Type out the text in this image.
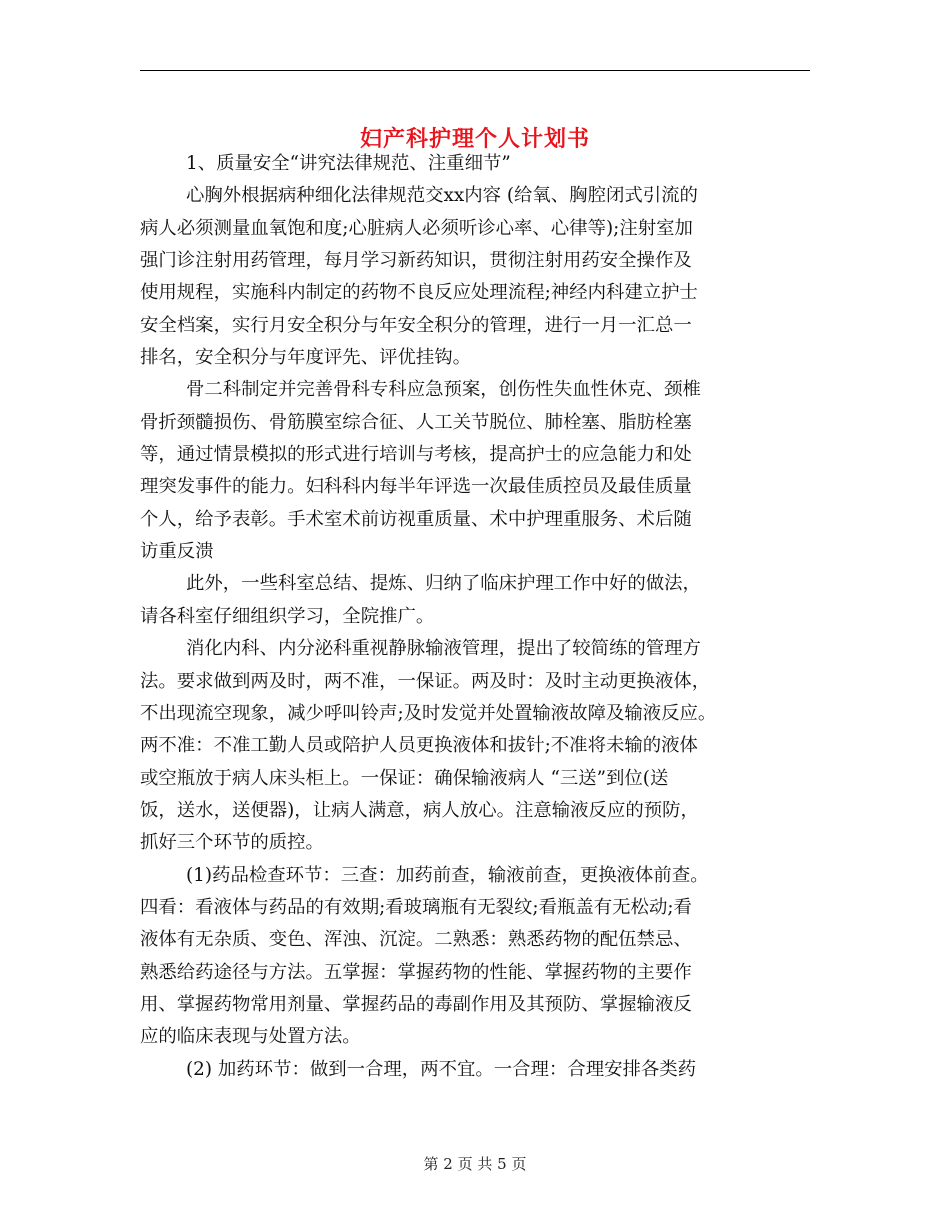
妇产科护理个人计划书

1、质量安全“讲究法律规范、注重细节”

心胸外根据病种细化法律规范交xx内容 (给氧、胸腔闭式引流的

病人必须测量血氧饱和度;心脏病人必须听诊心率、心律等);注射室加

强门诊注射用药管理，每月学习新药知识，贯彻注射用药安全操作及

使用规程，实施科内制定的药物不良反应处理流程;神经内科建立护士

安全档案，实行月安全积分与年安全积分的管理，进行一月一汇总一

排名，安全积分与年度评先、评优挂钩。

骨二科制定并完善骨科专科应急预案，创伤性失血性休克、颈椎

骨折颈髓损伤、骨筋膜室综合征、人工关节脱位、肺栓塞、脂肪栓塞

等，通过情景模拟的形式进行培训与考核，提高护士的应急能力和处

理突发事件的能力。妇科科内每半年评选一次最佳质控员及最佳质量

个人，给予表彰。手术室术前访视重质量、术中护理重服务、术后随

访重反溃

此外，一些科室总结、提炼、归纳了临床护理工作中好的做法，

请各科室仔细组织学习，全院推广。

消化内科、内分泌科重视静脉输液管理，提出了较简练的管理方

法。要求做到两及时，两不准，一保证。两及时：及时主动更换液体，

不出现流空现象，减少呼叫铃声;及时发觉并处置输液故障及输液反应。

两不准：不准工勤人员或陪护人员更换液体和拔针;不准将未输的液体

或空瓶放于病人床头柜上。一保证：确保输液病人 “三送”到位(送

饭，送水，送便器)，让病人满意，病人放心。注意输液反应的预防，

抓好三个环节的质控。

(1)药品检查环节：三查：加药前查，输液前查，更换液体前查。

四看：看液体与药品的有效期;看玻璃瓶有无裂纹;看瓶盖有无松动;看

液体有无杂质、变色、浑浊、沉淀。二熟悉：熟悉药物的配伍禁忌、

熟悉给药途径与方法。五掌握：掌握药物的性能、掌握药物的主要作

用、掌握药物常用剂量、掌握药品的毒副作用及其预防、掌握输液反

应的临床表现与处置方法。

(2) 加药环节：做到一合理，两不宜。一合理：合理安排各类药

第 2 页 共 5 页
